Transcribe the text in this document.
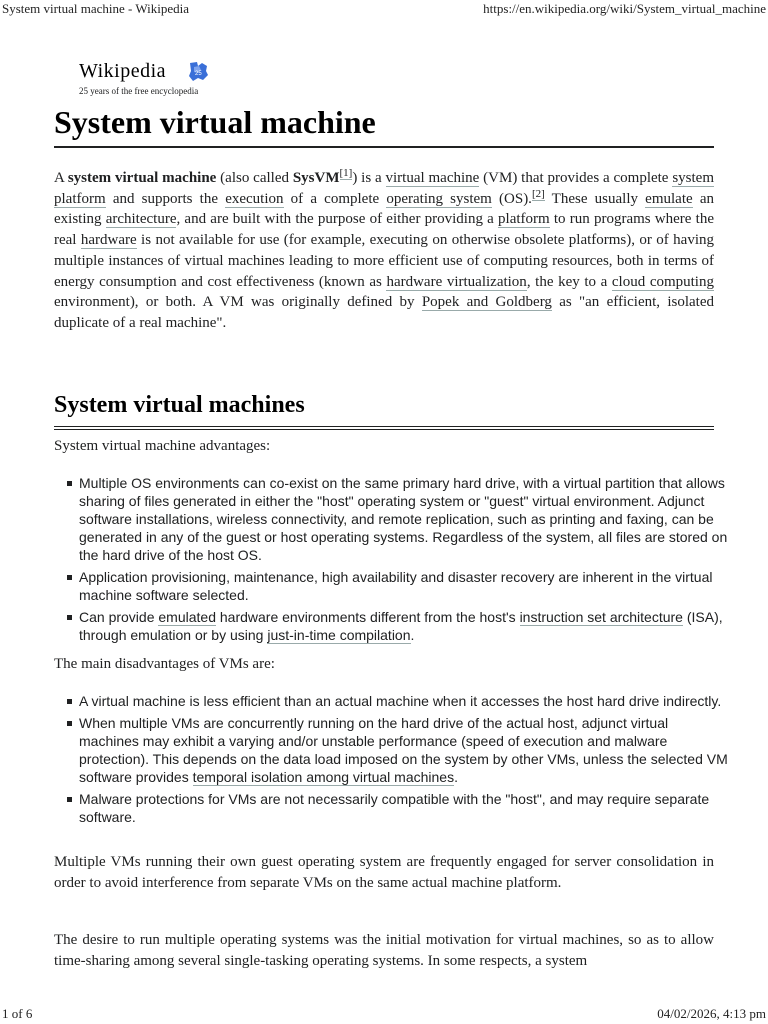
System virtual machine - Wikipedia	https://en.wikipedia.org/wiki/System_virtual_machine
Wikipedia	25
25 years of the free encyclopedia
System virtual machine

A system virtual machine (also called SysVM[1]) is a virtual machine (VM) that provides a complete system platform and supports the execution of a complete operating system (OS).[2] These usually emulate an existing architecture, and are built with the purpose of either providing a platform to run programs where the real hardware is not available for use (for example, executing on otherwise obsolete platforms), or of having multiple instances of virtual machines leading to more efficient use of computing resources, both in terms of energy consumption and cost effectiveness (known as hardware virtualization, the key to a cloud computing environment), or both. A VM was originally defined by Popek and Goldberg as "an efficient, isolated duplicate of a real machine".

System virtual machines

System virtual machine advantages:

Multiple OS environments can co-exist on the same primary hard drive, with a virtual partition that allows sharing of files generated in either the "host" operating system or "guest" virtual environment. Adjunct software installations, wireless connectivity, and remote replication, such as printing and faxing, can be generated in any of the guest or host operating systems. Regardless of the system, all files are stored on the hard drive of the host OS.
Application provisioning, maintenance, high availability and disaster recovery are inherent in the virtual machine software selected.
Can provide emulated hardware environments different from the host's instruction set architecture (ISA), through emulation or by using just-in-time compilation.

The main disadvantages of VMs are:

A virtual machine is less efficient than an actual machine when it accesses the host hard drive indirectly.
When multiple VMs are concurrently running on the hard drive of the actual host, adjunct virtual machines may exhibit a varying and/or unstable performance (speed of execution and malware protection). This depends on the data load imposed on the system by other VMs, unless the selected VM software provides temporal isolation among virtual machines.
Malware protections for VMs are not necessarily compatible with the "host", and may require separate software.

Multiple VMs running their own guest operating system are frequently engaged for server consolidation in order to avoid interference from separate VMs on the same actual machine platform.

The desire to run multiple operating systems was the initial motivation for virtual machines, so as to allow time-sharing among several single-tasking operating systems. In some respects, a system

1 of 6	04/02/2026, 4:13 pm
